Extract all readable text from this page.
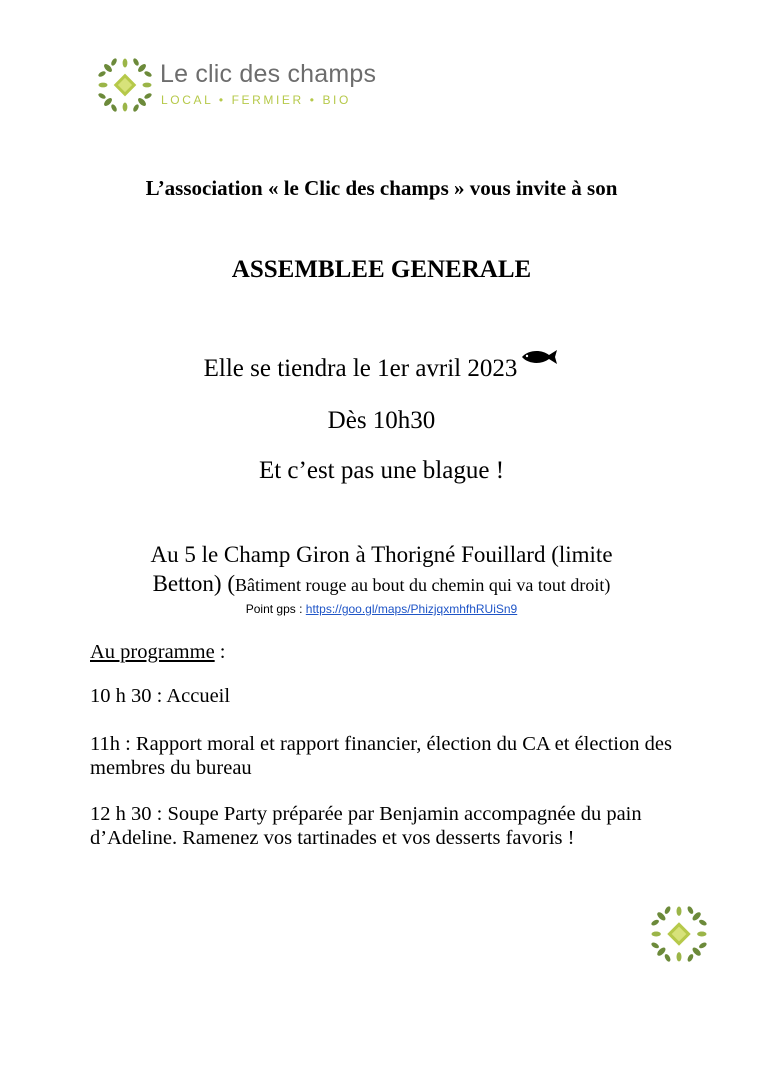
Le clic des champs
LOCAL • FERMIER • BIO
L’association « le Clic des champs » vous invite à son
ASSEMBLEE GENERALE
Elle se tiendra le 1er avril 2023
Dès 10h30
Et c’est pas une blague !
Au 5 le Champ Giron à Thorigné Fouillard (limite
Betton) (Bâtiment rouge au bout du chemin qui va tout droit)
Point gps : https://goo.gl/maps/PhizjqxmhfhRUiSn9
Au programme :
10 h 30 : Accueil
11h : Rapport moral et rapport financier, élection du CA et élection des membres du bureau
12 h 30 : Soupe Party préparée par Benjamin accompagnée du pain d’Adeline. Ramenez vos tartinades et vos desserts favoris !
